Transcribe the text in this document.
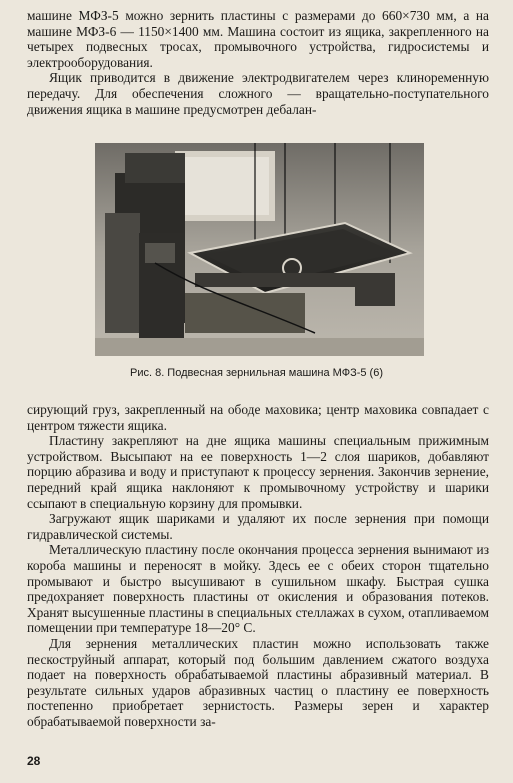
машине МФЗ-5 можно зернить пластины с размерами до 660×730 мм, а на машине МФЗ-6 — 1150×1400 мм. Машина состоит из ящика, закрепленного на четырех подвесных тросах, промывочного устройства, гидросистемы и электрооборудования.

Ящик приводится в движение электродвигателем через клиноременную передачу. Для обеспечения сложного — вращательно-поступательного движения ящика в машине предусмотрен дебалан-

Рис. 8. Подвесная зернильная машина МФЗ-5 (6)

сирующий груз, закрепленный на ободе маховика; центр маховика совпадает с центром тяжести ящика.

Пластину закрепляют на дне ящика машины специальным прижимным устройством. Высыпают на ее поверхность 1—2 слоя шариков, добавляют порцию абразива и воду и приступают к процессу зернения. Закончив зернение, передний край ящика наклоняют к промывочному устройству и шарики ссыпают в специальную корзину для промывки.

Загружают ящик шариками и удаляют их после зернения при помощи гидравлической системы.

Металлическую пластину после окончания процесса зернения вынимают из короба машины и переносят в мойку. Здесь ее с обеих сторон тщательно промывают и быстро высушивают в сушильном шкафу. Быстрая сушка предохраняет поверхность пластины от окисления и образования потеков. Хранят высушенные пластины в специальных стеллажах в сухом, отапливаемом помещении при температуре 18—20° С.

Для зернения металлических пластин можно использовать также пескоструйный аппарат, который под большим давлением сжатого воздуха подает на поверхность обрабатываемой пластины абразивный материал. В результате сильных ударов абразивных частиц о пластину ее поверхность постепенно приобретает зернистость. Размеры зерен и характер обрабатываемой поверхности за-

28
